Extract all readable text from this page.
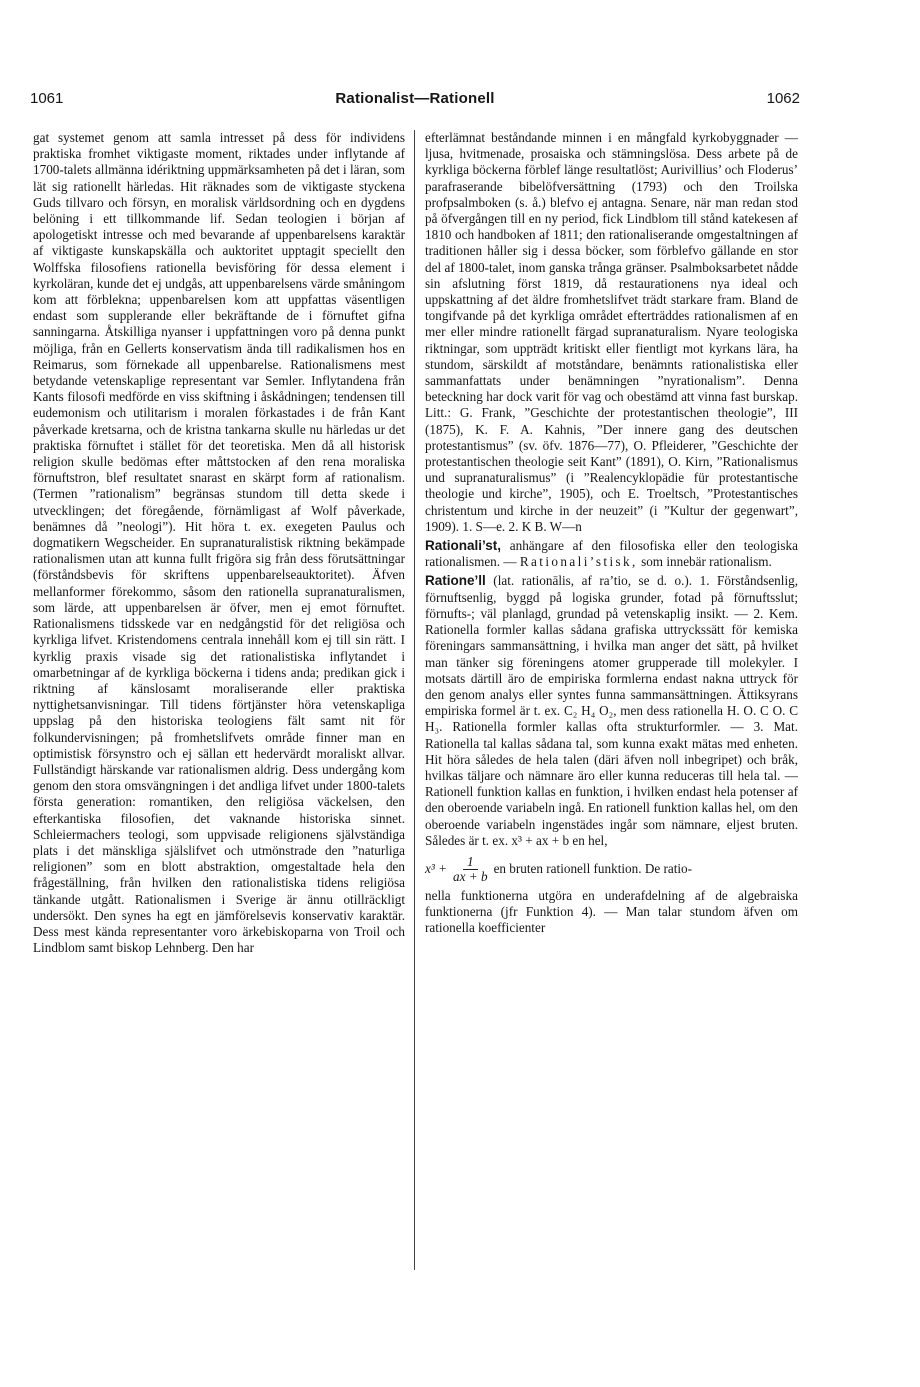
1061	Rationalist—Rationell	1062

gat systemet genom att samla intresset på dess för individens praktiska fromhet viktigaste moment, riktades under inflytande af 1700-talets allmänna idériktning uppmärksamheten på det i läran, som lät sig rationellt härledas. Hit räknades som de viktigaste styckena Guds tillvaro och försyn, en moralisk världsordning och en dygdens belöning i ett tillkommande lif. Sedan teologien i början af apologetiskt intresse och med bevarande af uppenbarelsens karaktär af viktigaste kunskapskälla och auktoritet upptagit speciellt den Wolffska filosofiens rationella bevisföring för dessa element i kyrkoläran, kunde det ej undgås, att uppenbarelsens värde småningom kom att förblekna; uppenbarelsen kom att uppfattas väsentligen endast som supplerande eller bekräftande de i förnuftet gifna sanningarna. Åtskilliga nyanser i uppfattningen voro på denna punkt möjliga, från en Gellerts konservatism ända till radikalismen hos en Reimarus, som förnekade all uppenbarelse. Rationalismens mest betydande vetenskaplige representant var Semler. Inflytandena från Kants filosofi medförde en viss skiftning i åskådningen; tendensen till eudemonism och utilitarism i moralen förkastades i de från Kant påverkade kretsarna, och de kristna tankarna skulle nu härledas ur det praktiska förnuftet i stället för det teoretiska. Men då all historisk religion skulle bedömas efter måttstocken af den rena moraliska förnuftstron, blef resultatet snarast en skärpt form af rationalism. (Termen ”rationalism” begränsas stundom till detta skede i utvecklingen; det föregående, förnämligast af Wolf påverkade, benämnes då ”neologi”). Hit höra t. ex. exegeten Paulus och dogmatikern Wegscheider. En supranaturalistisk riktning bekämpade rationalismen utan att kunna fullt frigöra sig från dess förutsättningar (förståndsbevis för skriftens uppenbarelseauktoritet). Äfven mellanformer förekommo, såsom den rationella supranaturalismen, som lärde, att uppenbarelsen är öfver, men ej emot förnuftet. Rationalismens tidsskede var en nedgångstid för det religiösa och kyrkliga lifvet. Kristendomens centrala innehåll kom ej till sin rätt. I kyrklig praxis visade sig det rationalistiska inflytandet i omarbetningar af de kyrkliga böckerna i tidens anda; predikan gick i riktning af känslosamt moraliserande eller praktiska nyttighetsanvisningar. Till tidens förtjänster höra vetenskapliga uppslag på den historiska teologiens fält samt nit för folkundervisningen; på fromhetslifvets område finner man en optimistisk försynstro och ej sällan ett hedervärdt moraliskt allvar. Fullständigt härskande var rationalismen aldrig. Dess undergång kom genom den stora omsvängningen i det andliga lifvet under 1800-talets första generation: romantiken, den religiösa väckelsen, den efterkantiska filosofien, det vaknande historiska sinnet. Schleiermachers teologi, som uppvisade religionens självständiga plats i det mänskliga själslifvet och utmönstrade den ”naturliga religionen” som en blott abstraktion, omgestaltade hela den frågeställning, från hvilken den rationalistiska tidens religiösa tänkande utgått. Rationalismen i Sverige är ännu otillräckligt undersökt. Den synes ha egt en jämförelsevis konservativ karaktär. Dess mest kända representanter voro ärkebiskoparna von Troil och Lindblom samt biskop Lehnberg. Den har

efterlämnat beståndande minnen i en mångfald kyrkobyggnader — ljusa, hvitmenade, prosaiska och stämningslösa. Dess arbete på de kyrkliga böckerna förblef länge resultatlöst; Aurivillius’ och Floderus’ parafraserande bibelöfversättning (1793) och den Troilska profpsalmboken (s. å.) blefvo ej antagna. Senare, när man redan stod på öfvergången till en ny period, fick Lindblom till stånd katekesen af 1810 och handboken af 1811; den rationaliserande omgestaltningen af traditionen håller sig i dessa böcker, som förblefvo gällande en stor del af 1800-talet, inom ganska trånga gränser. Psalmboksarbetet nådde sin afslutning först 1819, då restaurationens nya ideal och uppskattning af det äldre fromhetslifvet trädt starkare fram. Bland de tongifvande på det kyrkliga området efterträddes rationalismen af en mer eller mindre rationellt färgad supranaturalism. Nyare teologiska riktningar, som uppträdt kritiskt eller fientligt mot kyrkans lära, ha stundom, särskildt af motståndare, benämnts rationalistiska eller sammanfattats under benämningen ”nyrationalism”. Denna beteckning har dock varit för vag och obestämd att vinna fast burskap. Litt.: G. Frank, ”Geschichte der protestantischen theologie”, III (1875), K. F. A. Kahnis, ”Der innere gang des deutschen protestantismus” (sv. öfv. 1876—77), O. Pfleiderer, ”Geschichte der protestantischen theologie seit Kant” (1891), O. Kirn, ”Rationalismus und supranaturalismus” (i ”Realencyklopädie für protestantische theologie und kirche”, 1905), och E. Troeltsch, ”Protestantisches christentum und kirche in der neuzeit” (i ”Kultur der gegenwart”, 1909). 1. S—e. 2. K B. W—n

Rationali’st, anhängare af den filosofiska eller den teologiska rationalismen. — Rationali’stisk, som innebär rationalism.

Ratione’ll (lat. rationālis, af ra’tio, se d. o.). 1. Förståndsenlig, förnuftsenlig, byggd på logiska grunder, fotad på förnuftsslut; förnufts-; väl planlagd, grundad på vetenskaplig insikt. — 2. Kem. Rationella formler kallas sådana grafiska uttryckssätt för kemiska föreningars sammansättning, i hvilka man anger det sätt, på hvilket man tänker sig föreningens atomer grupperade till molekyler. I motsats därtill äro de empiriska formlerna endast nakna uttryck för den genom analys eller syntes funna sammansättningen. Ättiksyrans empiriska formel är t. ex. C₂ H₄ O₂, men dess rationella H. O. C O. C H₃. Rationella formler kallas ofta strukturformler. — 3. Mat. Rationella tal kallas sådana tal, som kunna exakt mätas med enheten. Hit höra således de hela talen (däri äfven noll inbegripet) och bråk, hvilkas täljare och nämnare äro eller kunna reduceras till hela tal. — Rationell funktion kallas en funktion, i hvilken endast hela potenser af den oberoende variabeln ingå. En rationell funktion kallas hel, om den oberoende variabeln ingenstädes ingår som nämnare, eljest bruten. Således är t. ex. x³ + ax + b en hel,

$x^3 + \frac{1}{ax + b}$ en bruten rationell funktion. De ratio-

nella funktionerna utgöra en underafdelning af de algebraiska funktionerna (jfr Funktion 4). — Man talar stundom äfven om rationella koefficienter
